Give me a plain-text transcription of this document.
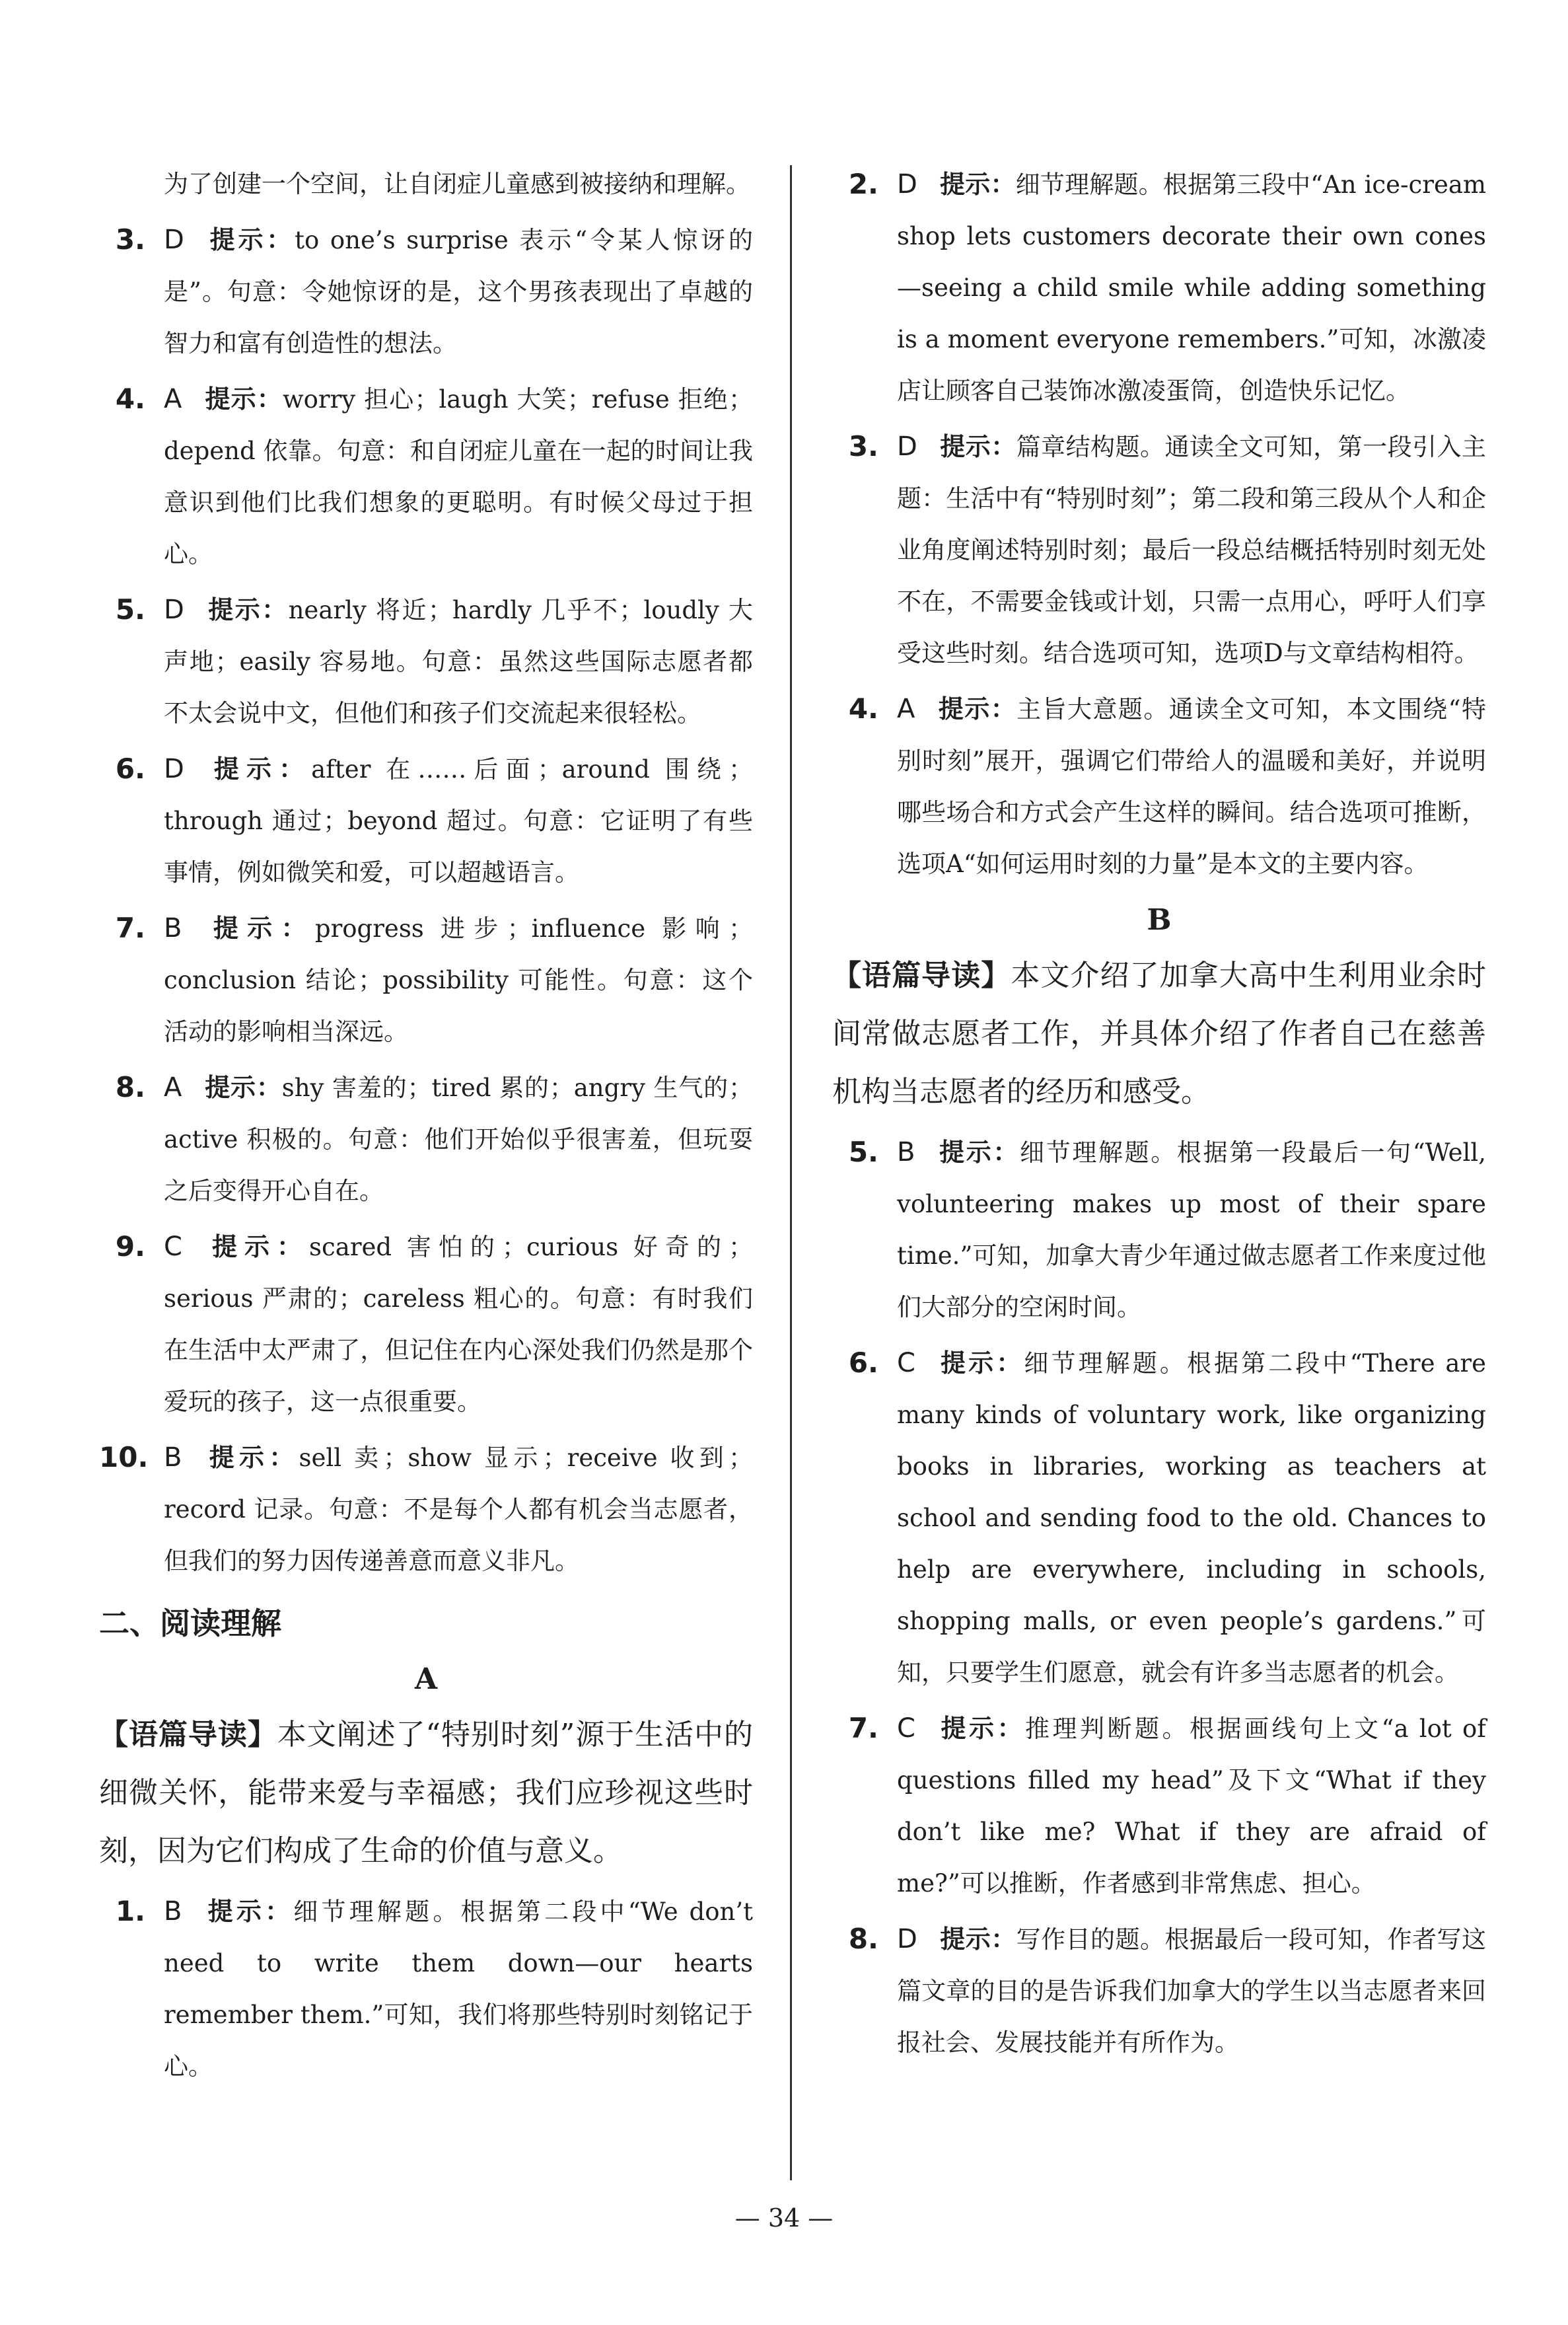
为了创建一个空间，让自闭症儿童感到被接纳和理解。
3. D 提示：to one’s surprise 表示“令某人惊讶的是”。句意：令她惊讶的是，这个男孩表现出了卓越的智力和富有创造性的想法。
4. A 提示：worry 担心；laugh 大笑；refuse 拒绝；depend 依靠。句意：和自闭症儿童在一起的时间让我意识到他们比我们想象的更聪明。有时候父母过于担心。
5. D 提示：nearly 将近；hardly 几乎不；loudly 大声地；easily 容易地。句意：虽然这些国际志愿者都不太会说中文，但他们和孩子们交流起来很轻松。
6. D 提示：after 在……后面；around 围绕；through 通过；beyond 超过。句意：它证明了有些事情，例如微笑和爱，可以超越语言。
7. B 提示：progress 进步；influence 影响；conclusion 结论；possibility 可能性。句意：这个活动的影响相当深远。
8. A 提示：shy 害羞的；tired 累的；angry 生气的；active 积极的。句意：他们开始似乎很害羞，但玩耍之后变得开心自在。
9. C 提示：scared 害怕的；curious 好奇的；serious 严肃的；careless 粗心的。句意：有时我们在生活中太严肃了，但记住在内心深处我们仍然是那个爱玩的孩子，这一点很重要。
10. B 提示：sell 卖；show 显示；receive 收到；record 记录。句意：不是每个人都有机会当志愿者，但我们的努力因传递善意而意义非凡。
二、阅读理解
A
【语篇导读】本文阐述了“特别时刻”源于生活中的细微关怀，能带来爱与幸福感；我们应珍视这些时刻，因为它们构成了生命的价值与意义。
1. B 提示：细节理解题。根据第二段中“We don’t need to write them down—our hearts remember them.”可知，我们将那些特别时刻铭记于心。
2. D 提示：细节理解题。根据第三段中“An ice-cream shop lets customers decorate their own cones—seeing a child smile while adding something is a moment everyone remembers.”可知，冰激凌店让顾客自己装饰冰激凌蛋筒，创造快乐记忆。
3. D 提示：篇章结构题。通读全文可知，第一段引入主题：生活中有“特别时刻”；第二段和第三段从个人和企业角度阐述特别时刻；最后一段总结概括特别时刻无处不在，不需要金钱或计划，只需一点用心，呼吁人们享受这些时刻。结合选项可知，选项D与文章结构相符。
4. A 提示：主旨大意题。通读全文可知，本文围绕“特别时刻”展开，强调它们带给人的温暖和美好，并说明哪些场合和方式会产生这样的瞬间。结合选项可推断，选项A“如何运用时刻的力量”是本文的主要内容。
B
【语篇导读】本文介绍了加拿大高中生利用业余时间常做志愿者工作，并具体介绍了作者自己在慈善机构当志愿者的经历和感受。
5. B 提示：细节理解题。根据第一段最后一句“Well, volunteering makes up most of their spare time.”可知，加拿大青少年通过做志愿者工作来度过他们大部分的空闲时间。
6. C 提示：细节理解题。根据第二段中“There are many kinds of voluntary work, like organizing books in libraries, working as teachers at school and sending food to the old. Chances to help are everywhere, including in schools, shopping malls, or even people’s gardens.”可知，只要学生们愿意，就会有许多当志愿者的机会。
7. C 提示：推理判断题。根据画线句上文“a lot of questions filled my head”及下文“What if they don’t like me? What if they are afraid of me?”可以推断，作者感到非常焦虑、担心。
8. D 提示：写作目的题。根据最后一段可知，作者写这篇文章的目的是告诉我们加拿大的学生以当志愿者来回报社会、发展技能并有所作为。
— 34 —
